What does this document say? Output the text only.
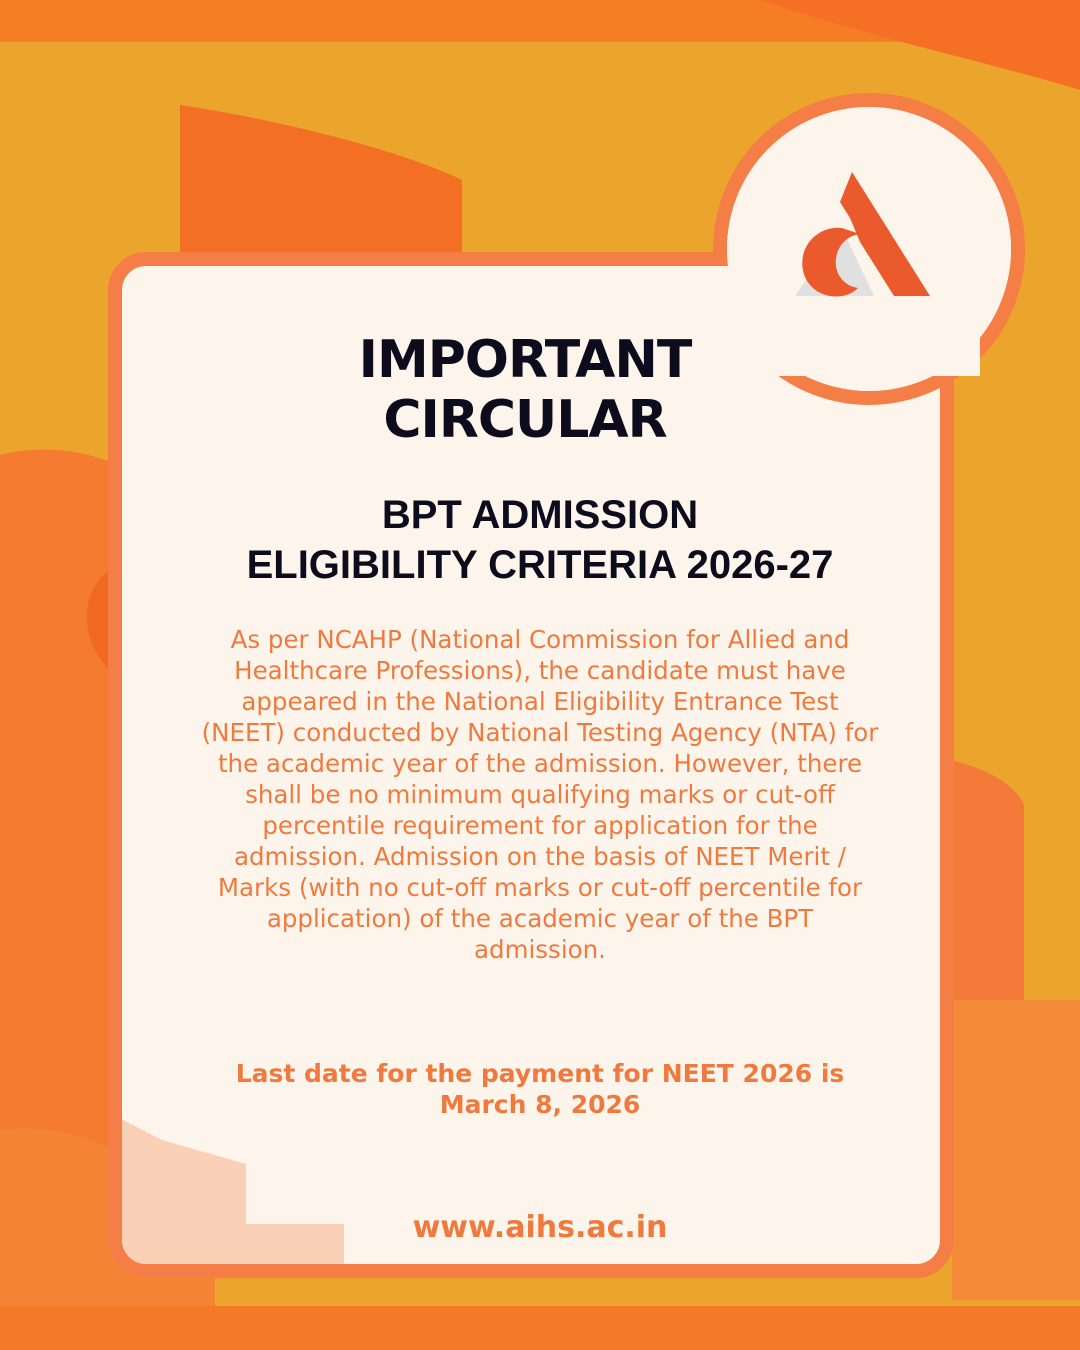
IMPORTANT
CIRCULAR
BPT ADMISSION
ELIGIBILITY CRITERIA 2026-27

As per NCAHP (National Commission for Allied and Healthcare Professions), the candidate must have appeared in the National Eligibility Entrance Test (NEET) conducted by National Testing Agency (NTA) for the academic year of the admission. However, there shall be no minimum qualifying marks or cut-off percentile requirement for application for the admission. Admission on the basis of NEET Merit / Marks (with no cut-off marks or cut-off percentile for application) of the academic year of the BPT admission.

Last date for the payment for NEET 2026 is
March 8, 2026

www.aihs.ac.in
